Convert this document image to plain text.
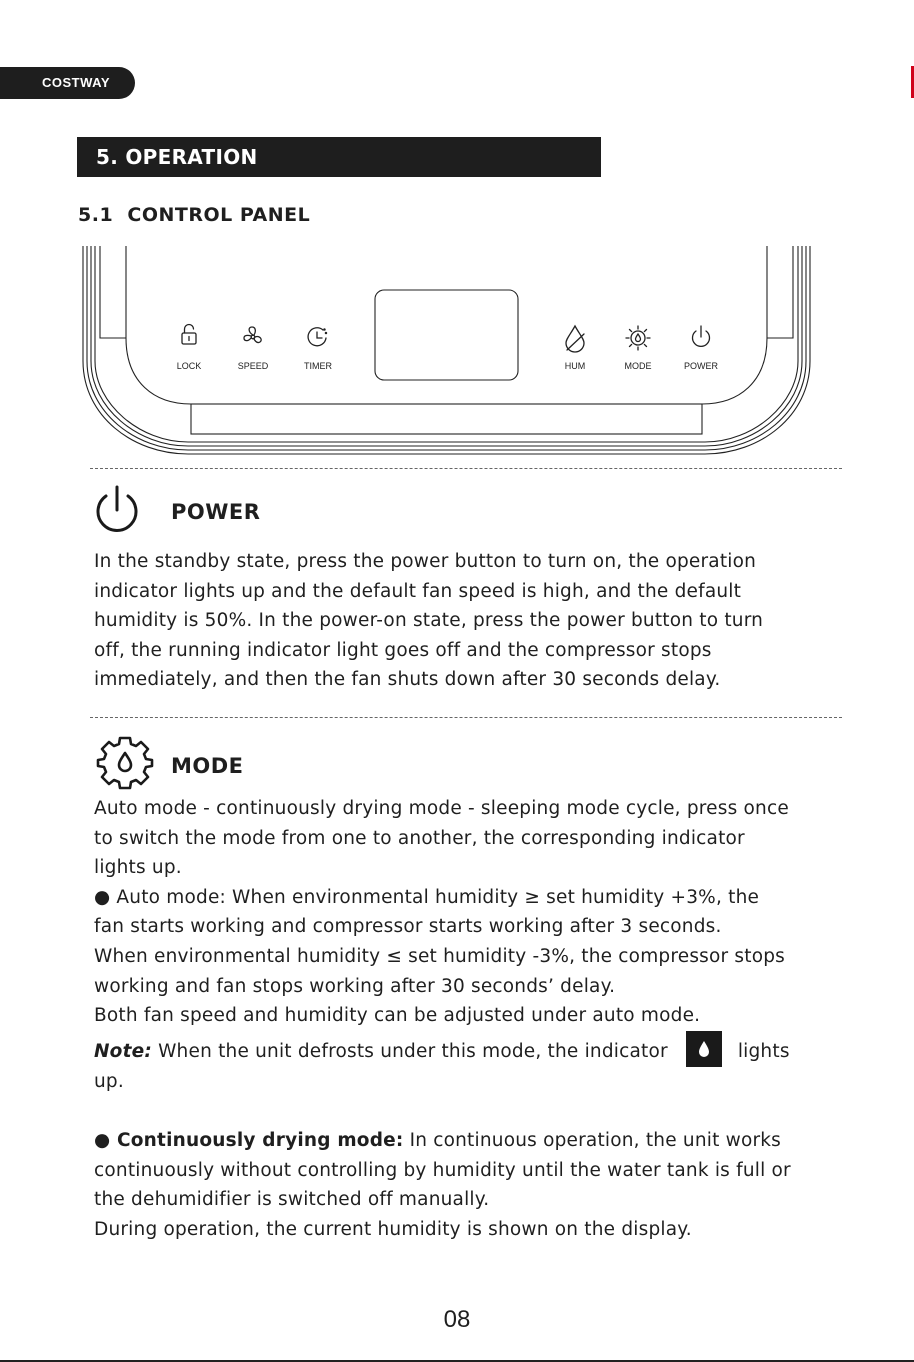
COSTWAY
5. OPERATION
5.1  CONTROL PANEL
LOCK	SPEED	TIMER	HUM	MODE	POWER
POWER

In the standby state, press the power button to turn on, the operation

indicator lights up and the default fan speed is high, and the default

humidity is 50%. In the power-on state, press the power button to turn

off, the running indicator light goes off and the compressor stops

immediately, and then the fan shuts down after 30 seconds delay.

MODE

Auto mode - continuously drying mode - sleeping mode cycle, press once

to switch the mode from one to another, the corresponding indicator

lights up.

● Auto mode: When environmental humidity ≥ set humidity +3%, the

fan starts working and compressor starts working after 3 seconds.

When environmental humidity ≤ set humidity -3%, the compressor stops

working and fan stops working after 30 seconds’ delay.

Both fan speed and humidity can be adjusted under auto mode.

Note: When the unit defrosts under this mode, the indicator	lights

up.

● Continuously drying mode: In continuous operation, the unit works

continuously without controlling by humidity until the water tank is full or

the dehumidifier is switched off manually.

During operation, the current humidity is shown on the display.

08
